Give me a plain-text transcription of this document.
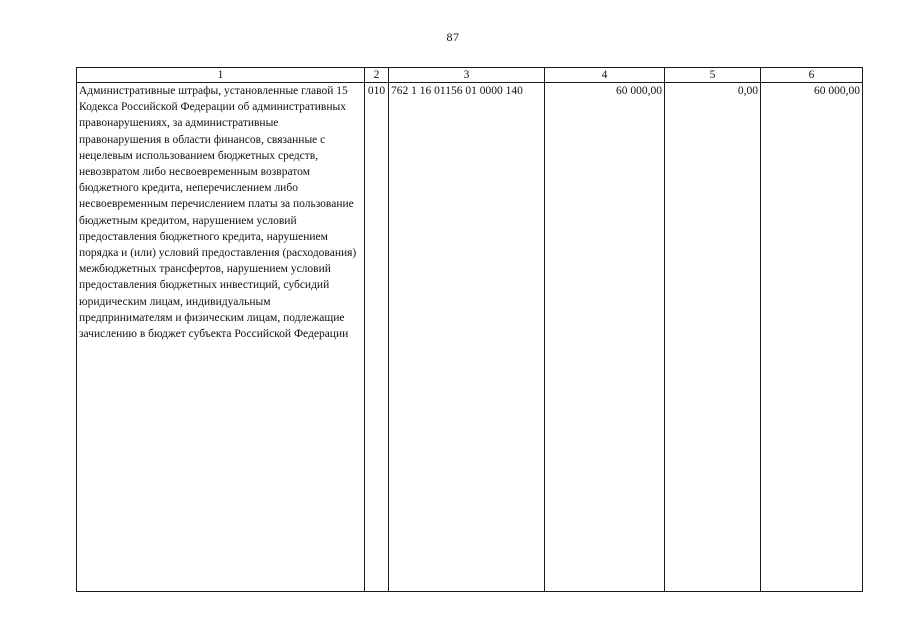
87
1	2	3	4	5	6
Административные штрафы, установленные главой 15 Кодекса Российской Федерации об административных правонарушениях, за административные правонарушения в области финансов, связанные с нецелевым использованием бюджетных средств, невозвратом либо несвоевременным возвратом бюджетного кредита, неперечислением либо несвоевременным перечислением платы за пользование бюджетным кредитом, нарушением условий предоставления бюджетного кредита, нарушением порядка и (или) условий предоставления (расходования) межбюджетных трансфертов, нарушением условий предоставления бюджетных инвестиций, субсидий юридическим лицам, индивидуальным предпринимателям и физическим лицам, подлежащие зачислению в бюджет субъекта Российской Федерации	010	762 1 16 01156 01 0000 140	60 000,00	0,00	60 000,00
